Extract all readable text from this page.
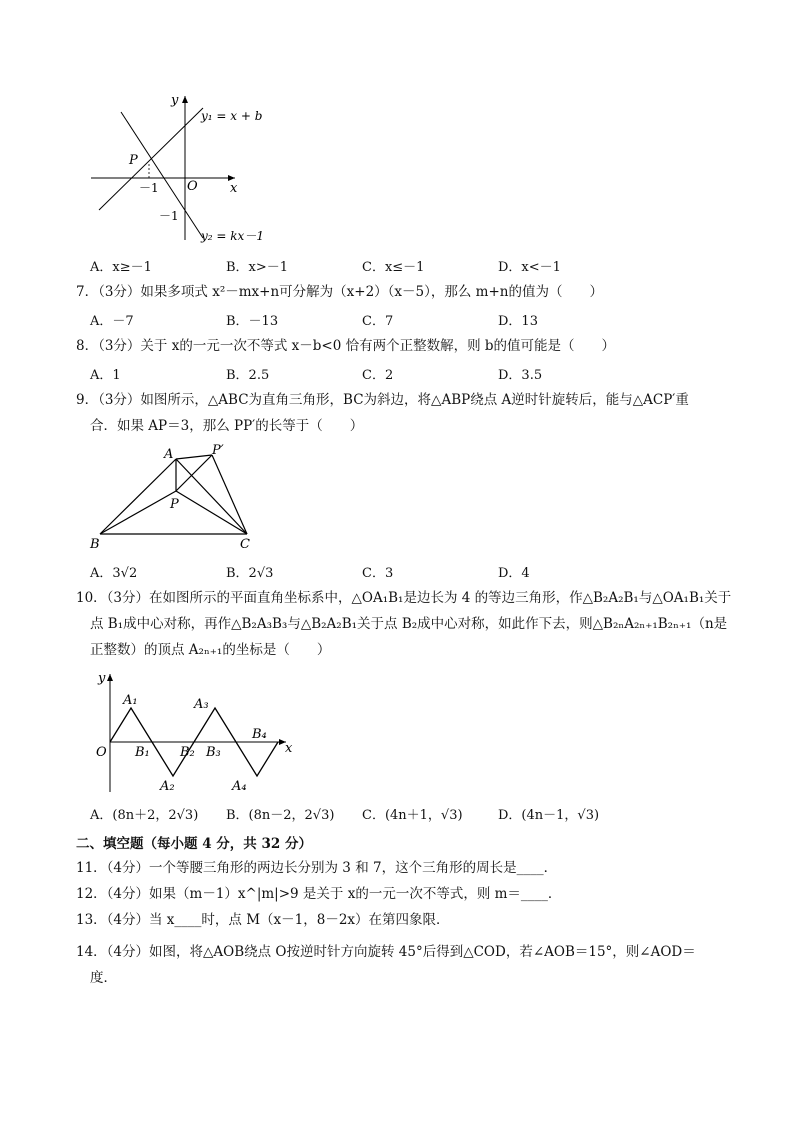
y
x
O
P
－1
－1
y₁ = x + b
y₂ = kx－1
A．x≥－1	B．x>－1	C．x≤－1	D．x<－1
7．（3分）如果多项式 x²－mx+n可分解为（x+2）（x－5），那么 m+n的值为（　　）
A．－7	B．－13	C．7	D．13
8．（3分）关于 x的一元一次不等式 x－b<0 恰有两个正整数解，则 b的值可能是（　　）
A．1	B．2.5	C．2	D．3.5
9．（3分）如图所示，△ABC为直角三角形，BC为斜边，将△ABP绕点 A逆时针旋转后，能与△ACP′重
合．如果 AP＝3，那么 PP′的长等于（　　）
A	P′
P
B	C
A．3√2	B．2√3	C．3	D．4
10．（3分）在如图所示的平面直角坐标系中，△OA₁B₁是边长为 4 的等边三角形，作△B₂A₂B₁与△OA₁B₁关于
点 B₁成中心对称，再作△B₂A₃B₃与△B₂A₂B₁关于点 B₂成中心对称，如此作下去，则△B₂ₙA₂ₙ₊₁B₂ₙ₊₁（n是
正整数）的顶点 A₂ₙ₊₁的坐标是（　　）
y
x
O
A₁
A₂
A₃
A₄
B₁ B₂ B₃
B₄
A．(8n＋2，2√3) B．(8n－2，2√3) C．(4n＋1，√3)	D．(4n－1，√3)
二、填空题（每小题 4 分，共 32 分）
11．（4分）一个等腰三角形的两边长分别为 3 和 7，这个三角形的周长是____．
12．（4分）如果（m－1）x^|m|>9 是关于 x的一元一次不等式，则 m＝____．
13．（4分）当 x____时，点 M（x－1，8－2x）在第四象限．
14．（4分）如图，将△AOB绕点 O按逆时针方向旋转 45°后得到△COD，若∠AOB＝15°，则∠AOD＝
度．
